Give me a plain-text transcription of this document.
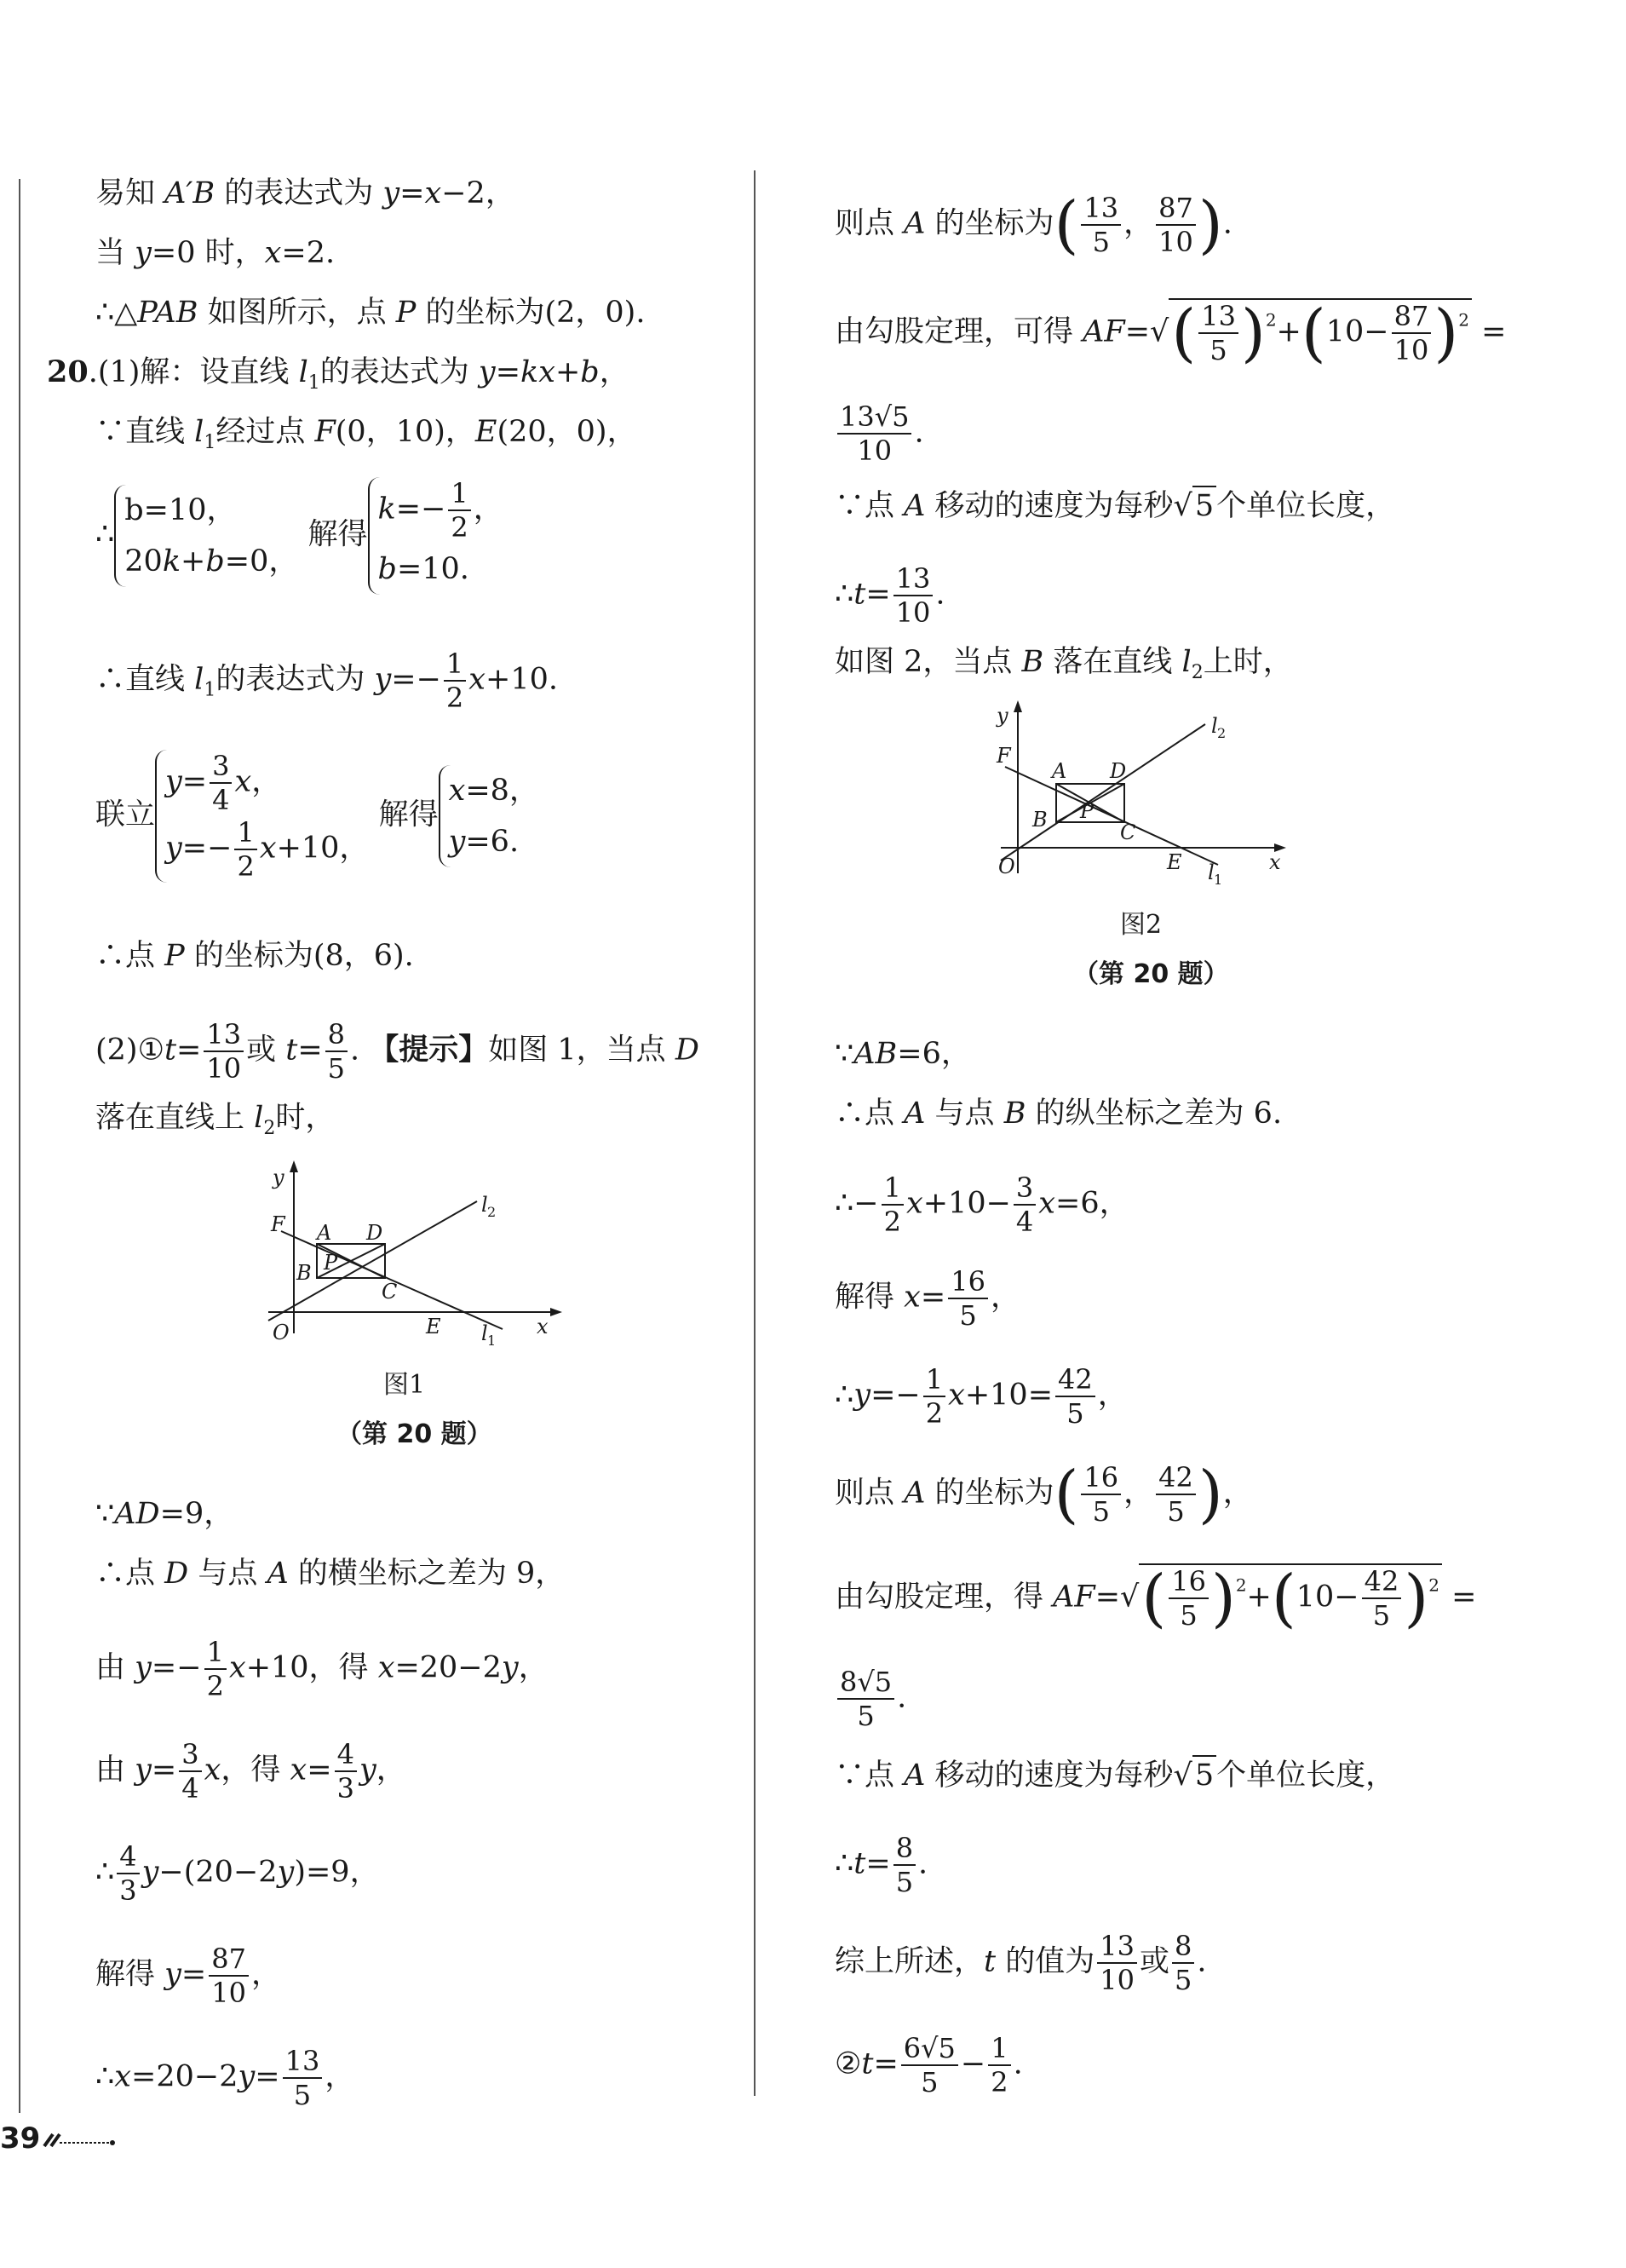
易知 A′B 的表达式为 y=x−2，
当 y=0 时，x=2.
∴△PAB 如图所示，点 P 的坐标为(2，0).
20.(1)解：设直线 $l_1$的表达式为 y=kx+b，
∵直线 $l_1$经过点 F(0，10)，E(20，0)，
∴b=10，
20k+b=0， 解得$k=- \frac{1}{2}$ ，
b=10.
∴直线 $l_1$的表达式为 $y=- \frac{1}{2} x+10$.
联立$y= \frac{3}{4}$ x，
$y=- \frac{1}{2} x+10$， 解得x=8，
y=6.
∴点 P 的坐标为(8，6).
(2)①t= $\frac{13}{10}$ 或 $t= \frac{8}{5}$ . 【提示】如图 1，当点 D
落在直线上 $l_2$时，
y
x
O
F A D
B P
C
E
l 2
l 1
图1
（第 20 题）
∵AD=9，
∴点 D 与点 A 的横坐标之差为 9，
由 $y=- \frac{1}{2} x+10$，得 x=20−2y，
由 $y= \frac{3}{4}$ x，得 $x= \frac{4}{3}$ y，
∴ $\frac{4}{3} y-(20-2y)=9$，
解得 $y= \frac{87}{10}$ ，
∴x=20−2y= $\frac{13}{5}$ ，
则点 A 的坐标为( $\frac{13}{5}$ ， $\frac{87}{10}$ ).
由勾股定理，可得 $AF=√( \frac{13}{5} )^2+(10- \frac{87}{10} )^2$ =
$\frac{13√5}{10}$ .
∵点 A 移动的速度为每秒√5个单位长度，
∴t= $\frac{13}{10}$ .
如图 2，当点 B 落在直线 $l_2$上时，
y
x
O
F
A D
B P
C
E
l 2
l 1
图2
（第 20 题）
∵AB=6，
∴点 A 与点 B 的纵坐标之差为 6.
∴− $\frac{1}{2} x+10- \frac{3}{4} x=6$，
解得 $x= \frac{16}{5}$ ，
∴y=− $\frac{1}{2} x+10= \frac{42}{5}$ ，
则点 A 的坐标为( $\frac{16}{5}$ ， $\frac{42}{5}$ )，
由勾股定理，得 $AF=√( \frac{16}{5} )^2+(10- \frac{42}{5} )^2$ =
$\frac{8√5}{5}$ .
∵点 A 移动的速度为每秒√5个单位长度，
∴t= $\frac{8}{5}$ .
综上所述，t 的值为 $\frac{13}{10}$ 或 $\frac{8}{5}$ .
②t= $\frac{6√5}{5} - \frac{1}{2}$ .
39
